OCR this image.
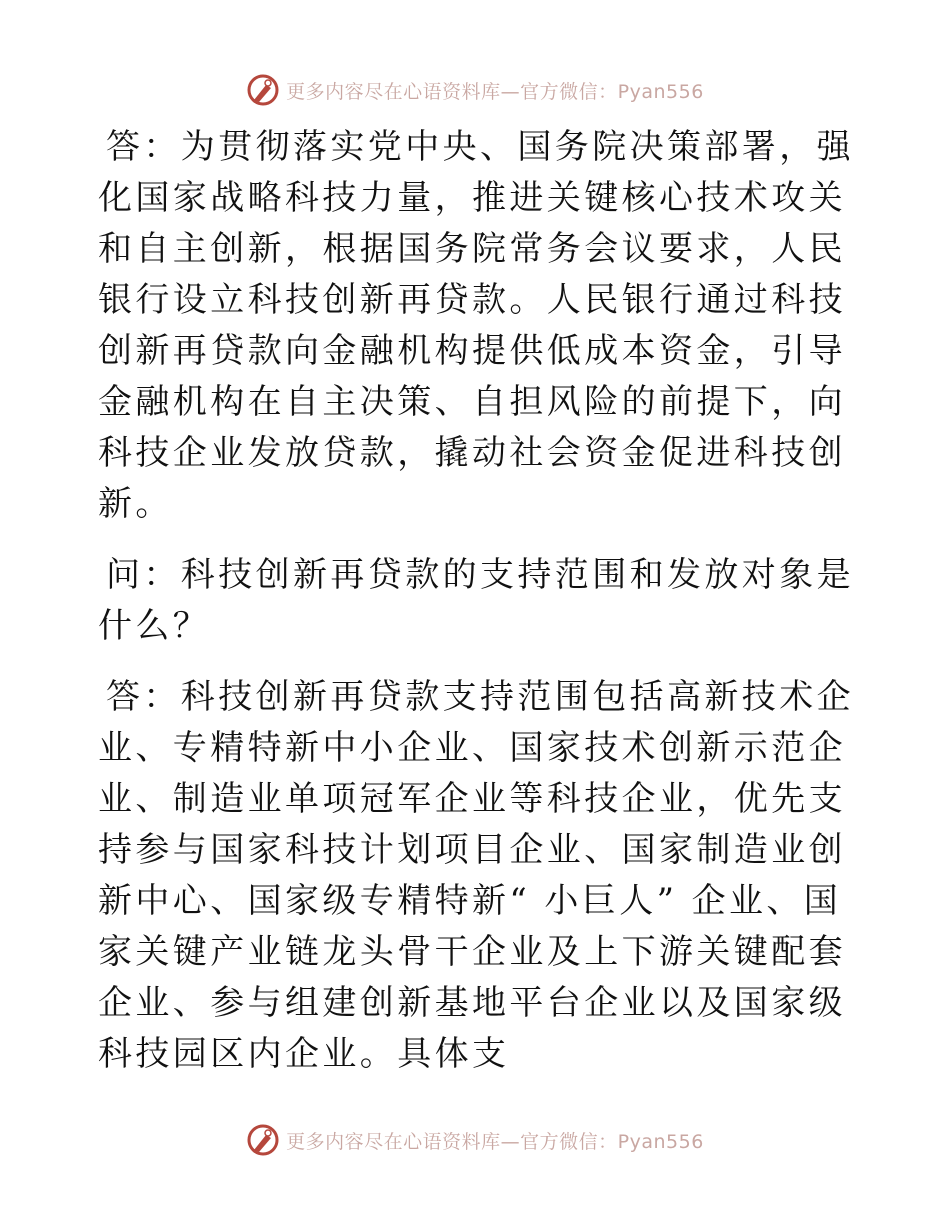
更多内容尽在心语资料库—官方微信：Pyan556

答：为贯彻落实党中央、国务院决策部署，强化国家战略科技力量，推进关键核心技术攻关和自主创新，根据国务院常务会议要求，人民银行设立科技创新再贷款。人民银行通过科技创新再贷款向金融机构提供低成本资金，引导金融机构在自主决策、自担风险的前提下，向科技企业发放贷款，撬动社会资金促进科技创新。

问：科技创新再贷款的支持范围和发放对象是什么？

答：科技创新再贷款支持范围包括高新技术企业、专精特新中小企业、国家技术创新示范企业、制造业单项冠军企业等科技企业，优先支持参与国家科技计划项目企业、国家制造业创新中心、国家级专精特新“ 小巨人” 企业、国家关键产业链龙头骨干企业及上下游关键配套企业、参与组建创新基地平台企业以及国家级科技园区内企业。具体支

更多内容尽在心语资料库—官方微信：Pyan556
